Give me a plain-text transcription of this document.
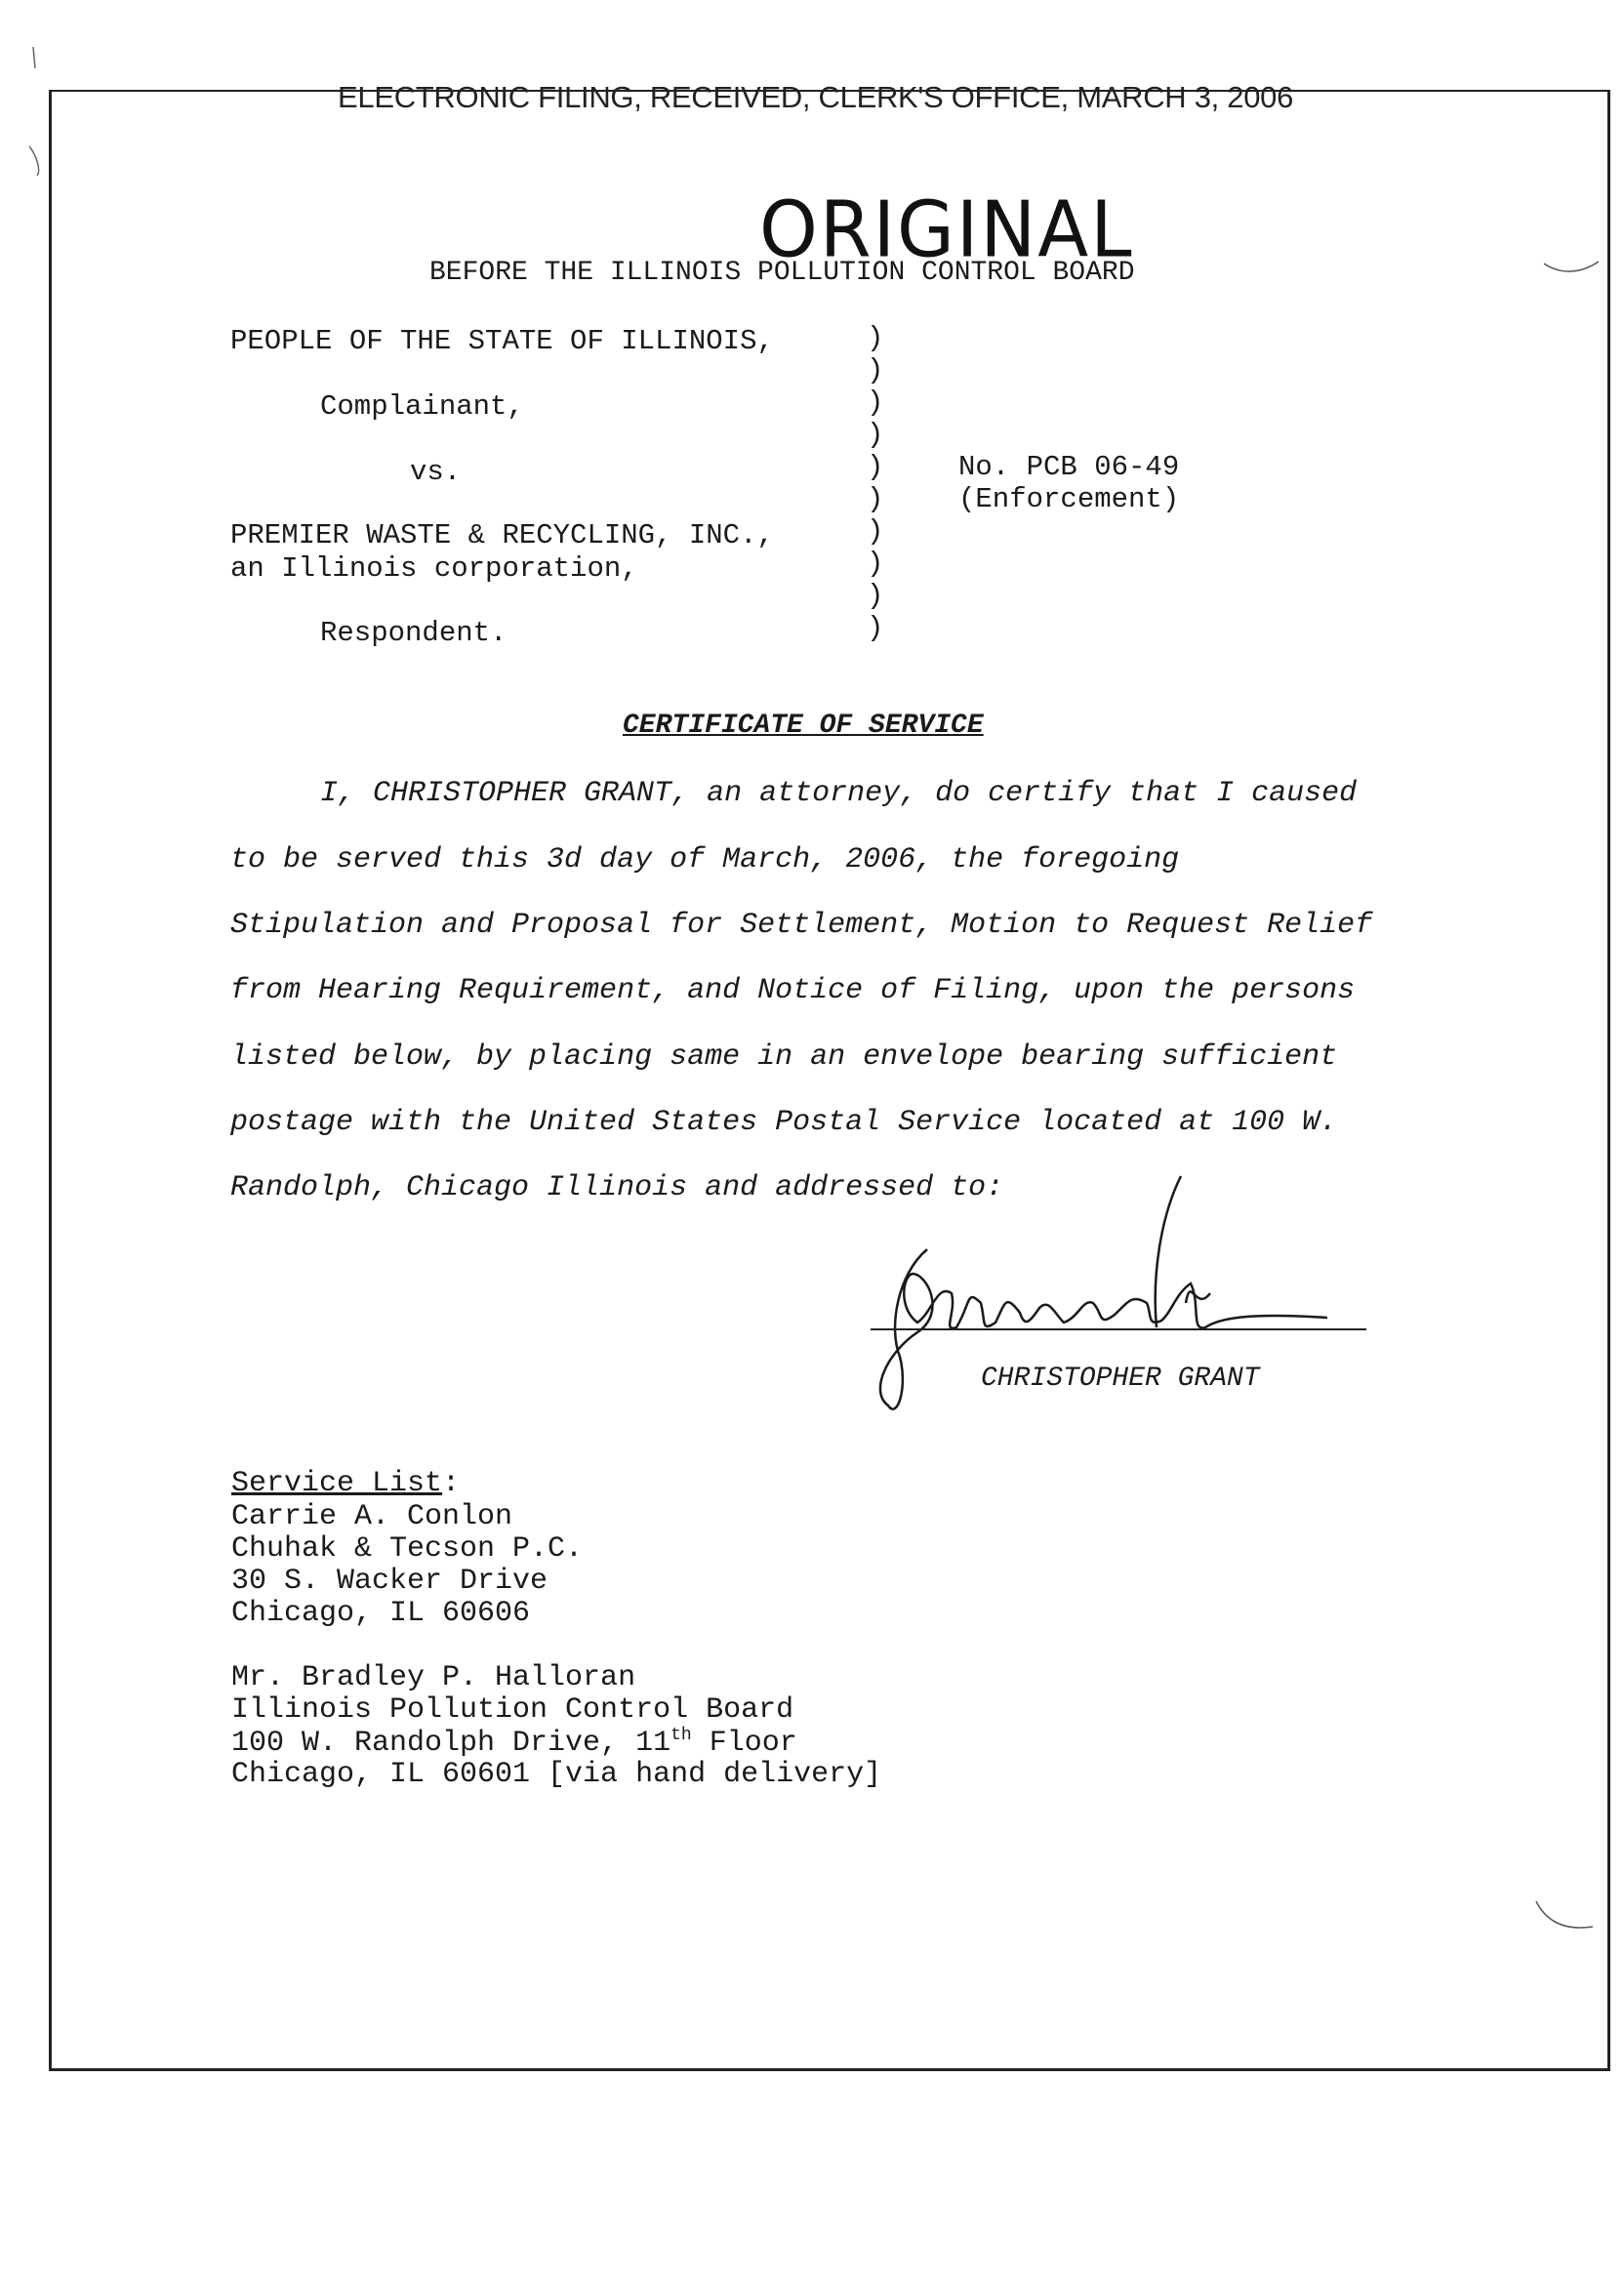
ELECTRONIC FILING, RECEIVED, CLERK'S OFFICE, MARCH 3, 2006
ORIGINAL
BEFORE THE ILLINOIS POLLUTION CONTROL BOARD
PEOPLE OF THE STATE OF ILLINOIS,
Complainant,
vs.
PREMIER WASTE & RECYCLING, INC.,
an Illinois corporation,
Respondent.
)
)
)
)
)
)
)
)
)
)
No. PCB 06-49
(Enforcement)
CERTIFICATE OF SERVICE
I, CHRISTOPHER GRANT, an attorney, do certify that I caused
to be served this 3d day of March, 2006, the foregoing
Stipulation and Proposal for Settlement, Motion to Request Relief
from Hearing Requirement, and Notice of Filing, upon the persons
listed below, by placing same in an envelope bearing sufficient
postage with the United States Postal Service located at 100 W.
Randolph, Chicago Illinois and addressed to:
CHRISTOPHER GRANT
Service List:
Carrie A. Conlon
Chuhak & Tecson P.C.
30 S. Wacker Drive
Chicago, IL 60606
Mr. Bradley P. Halloran
Illinois Pollution Control Board
100 W. Randolph Drive, 11th Floor
Chicago, IL 60601 [via hand delivery]
